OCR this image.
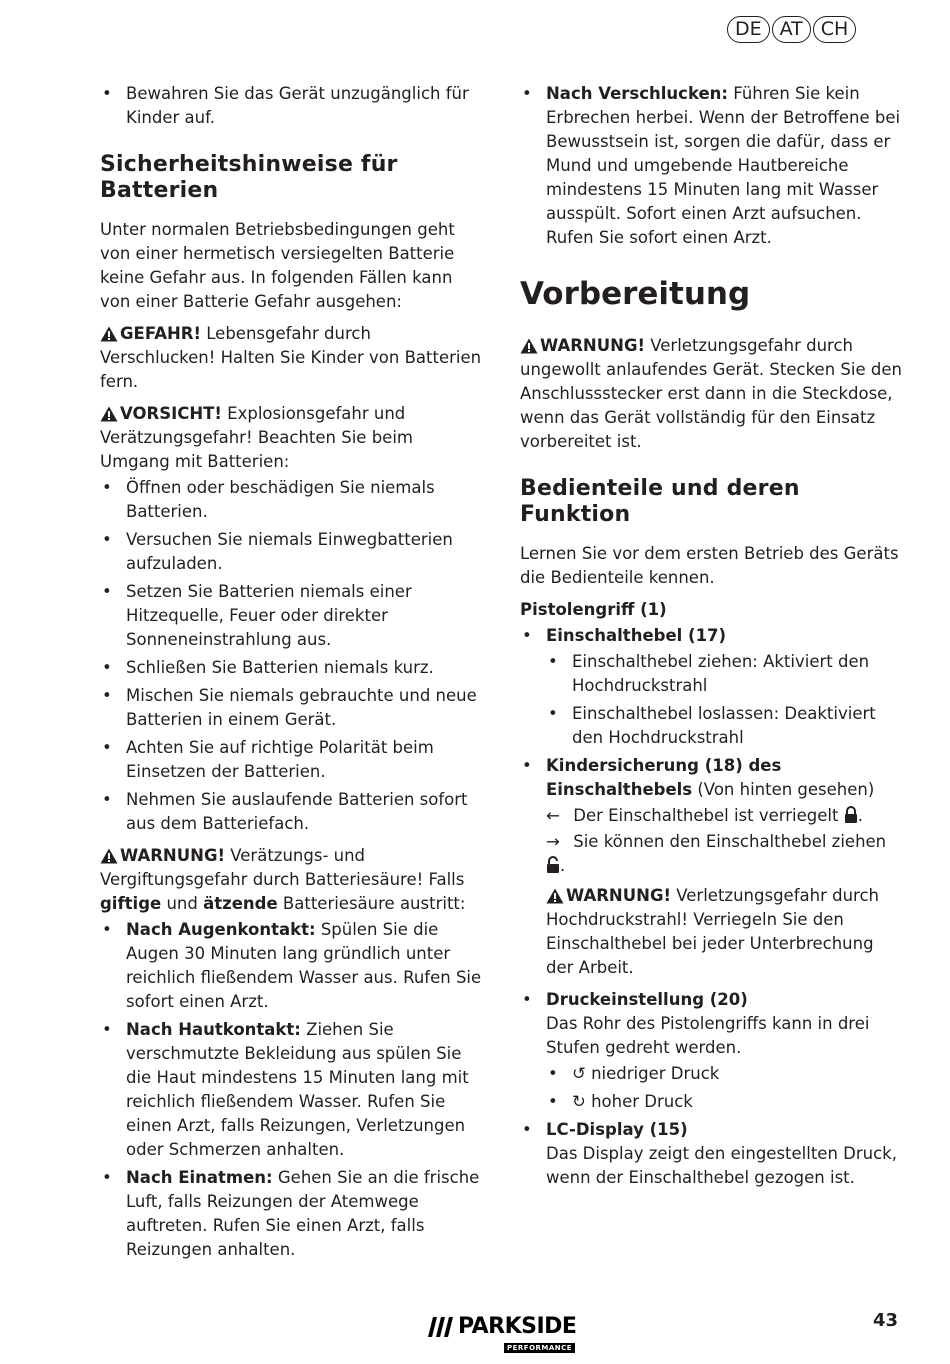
DE AT CH
• Bewahren Sie das Gerät unzugänglich für Kinder auf.
Sicherheitshinweise für Batterien

Unter normalen Betriebsbedingungen geht von einer hermetisch versiegelten Batterie keine Gefahr aus. In folgenden Fällen kann von einer Batterie Gefahr ausgehen:

GEFAHR! Lebensgefahr durch Verschlucken! Halten Sie Kinder von Batterien fern.

VORSICHT! Explosionsgefahr und Verätzungsgefahr! Beachten Sie beim Umgang mit Batterien:

• Öffnen oder beschädigen Sie niemals Batterien.
• Versuchen Sie niemals Einwegbatterien aufzuladen.
• Setzen Sie Batterien niemals einer Hitzequelle, Feuer oder direkter Sonneneinstrahlung aus.
• Schließen Sie Batterien niemals kurz.
• Mischen Sie niemals gebrauchte und neue Batterien in einem Gerät.
• Achten Sie auf richtige Polarität beim Einsetzen der Batterien.
• Nehmen Sie auslaufende Batterien sofort aus dem Batteriefach.

WARNUNG! Verätzungs- und Vergiftungsgefahr durch Batteriesäure! Falls giftige und ätzende Batteriesäure austritt:

• Nach Augenkontakt: Spülen Sie die Augen 30 Minuten lang gründlich unter reichlich fließendem Wasser aus. Rufen Sie sofort einen Arzt.
• Nach Hautkontakt: Ziehen Sie verschmutzte Bekleidung aus spülen Sie die Haut mindestens 15 Minuten lang mit reichlich fließendem Wasser. Rufen Sie einen Arzt, falls Reizungen, Verletzungen oder Schmerzen anhalten.
• Nach Einatmen: Gehen Sie an die frische Luft, falls Reizungen der Atemwege auftreten. Rufen Sie einen Arzt, falls Reizungen anhalten.
• Nach Verschlucken: Führen Sie kein Erbrechen herbei. Wenn der Betroffene bei Bewusstsein ist, sorgen die dafür, dass er Mund und umgebende Hautbereiche mindestens 15 Minuten lang mit Wasser ausspült. Sofort einen Arzt aufsuchen. Rufen Sie sofort einen Arzt.
Vorbereitung

WARNUNG! Verletzungsgefahr durch ungewollt anlaufendes Gerät. Stecken Sie den Anschlussstecker erst dann in die Steckdose, wenn das Gerät vollständig für den Einsatz vorbereitet ist.

Bedienteile und deren Funktion

Lernen Sie vor dem ersten Betrieb des Geräts die Bedienteile kennen.

Pistolengriff (1)
• Einschalthebel (17)
• Einschalthebel ziehen: Aktiviert den Hochdruckstrahl
• Einschalthebel loslassen: Deaktiviert den Hochdruckstrahl
• Kindersicherung (18) des Einschalthebels (Von hinten gesehen)
← Der Einschalthebel ist verriegelt .
→ Sie können den Einschalthebel ziehen
.

WARNUNG! Verletzungsgefahr durch Hochdruckstrahl! Verriegeln Sie den Einschalthebel bei jeder Unterbrechung der Arbeit.

• Druckeinstellung (20)
Das Rohr des Pistolengriffs kann in drei Stufen gedreht werden.
• ↺ niedriger Druck
• ↻ hoher Druck
• LC-Display (15)
Das Display zeigt den eingestellten Druck, wenn der Einschalthebel gezogen ist.
PARKSIDE
PERFORMANCE
43
